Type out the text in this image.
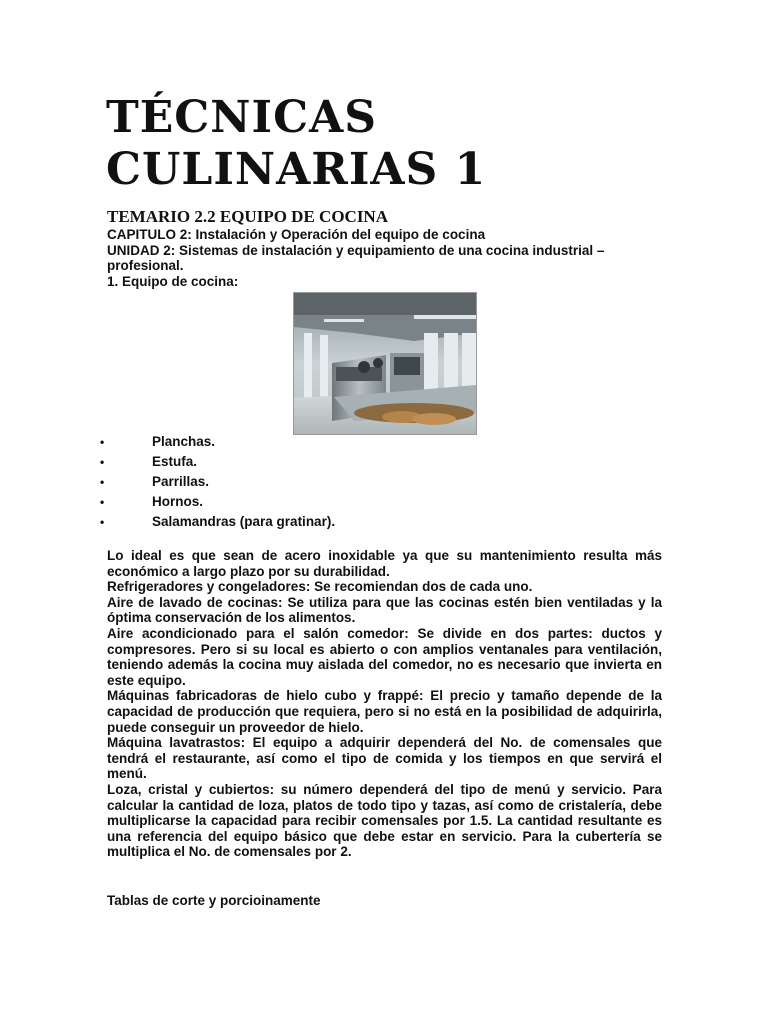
TÉCNICAS
CULINARIAS 1
TEMARIO 2.2 EQUIPO DE COCINA
CAPITULO 2: Instalación y Operación del equipo de cocina
UNIDAD 2: Sistemas de instalación y equipamiento de una cocina industrial – profesional.
1. Equipo de cocina:
•	Planchas.
•	Estufa.
•	Parrillas.
•	Hornos.
•	Salamandras (para gratinar).

Lo ideal es que sean de acero inoxidable ya que su mantenimiento resulta más económico a largo plazo por su durabilidad.

Refrigeradores y congeladores: Se recomiendan dos de cada uno.

Aire de lavado de cocinas: Se utiliza para que las cocinas estén bien ventiladas y la óptima conservación de los alimentos.

Aire acondicionado para el salón comedor: Se divide en dos partes: ductos y compresores. Pero si su local es abierto o con amplios ventanales para ventilación, teniendo además la cocina muy aislada del comedor, no es necesario que invierta en este equipo.

Máquinas fabricadoras de hielo cubo y frappé: El precio y tamaño depende de la capacidad de producción que requiera, pero si no está en la posibilidad de adquirirla, puede conseguir un proveedor de hielo.

Máquina lavatrastos: El equipo a adquirir dependerá del No. de comensales que tendrá el restaurante, así como el tipo de comida y los tiempos en que servirá el menú.

Loza, cristal y cubiertos: su número dependerá del tipo de menú y servicio. Para calcular la cantidad de loza, platos de todo tipo y tazas, así como de cristalería, debe multiplicarse la capacidad para recibir comensales por 1.5. La cantidad resultante es una referencia del equipo básico que debe estar en servicio. Para la cubertería se multiplica el No. de comensales por 2.

Tablas de corte y porcioinamente
